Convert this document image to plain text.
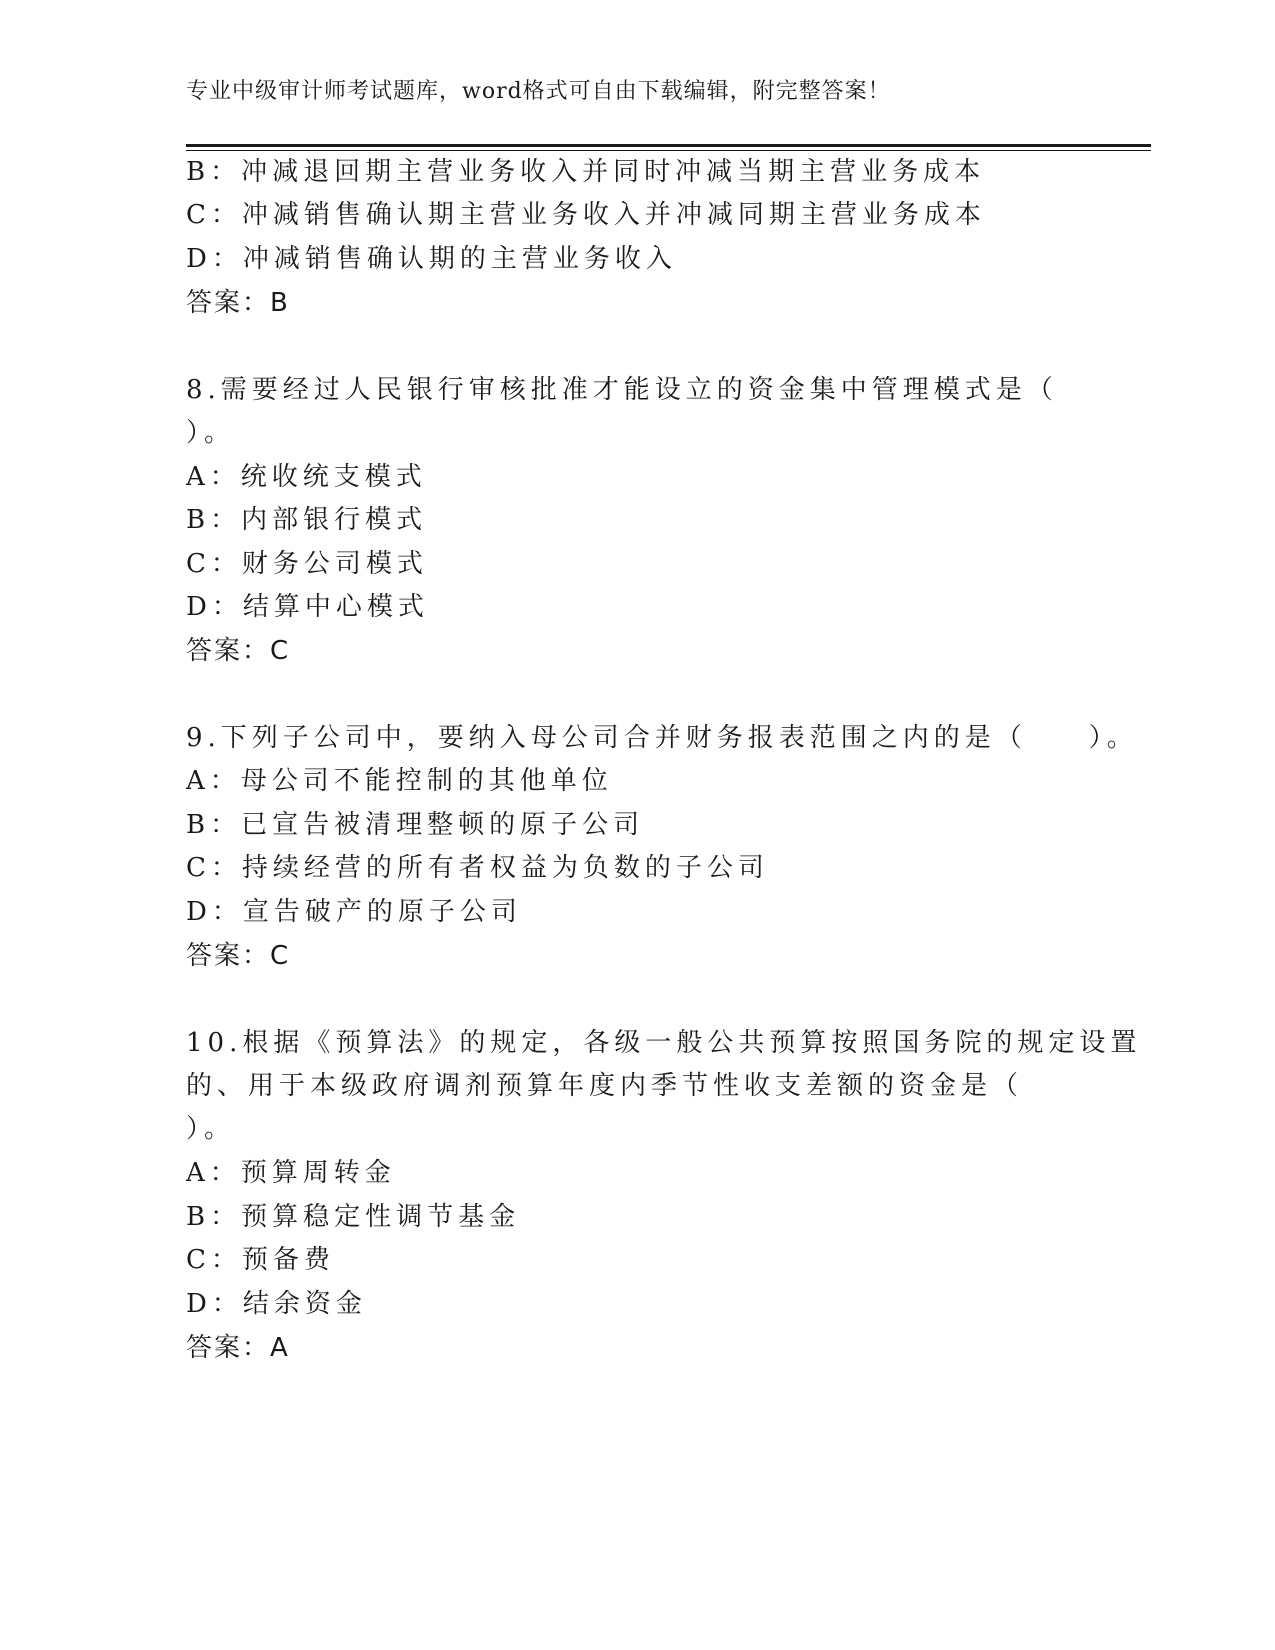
专业中级审计师考试题库，word格式可自由下载编辑，附完整答案！
B：冲减退回期主营业务收入并同时冲减当期主营业务成本
C：冲减销售确认期主营业务收入并冲减同期主营业务成本
D：冲减销售确认期的主营业务收入
答案：B
8.需要经过人民银行审核批准才能设立的资金集中管理模式是（
）。
A：统收统支模式
B：内部银行模式
C：财务公司模式
D：结算中心模式
答案：C
9.下列子公司中，要纳入母公司合并财务报表范围之内的是（　　）。
A：母公司不能控制的其他单位
B：已宣告被清理整顿的原子公司
C：持续经营的所有者权益为负数的子公司
D：宣告破产的原子公司
答案：C
10.根据《预算法》的规定，各级一般公共预算按照国务院的规定设置
的、用于本级政府调剂预算年度内季节性收支差额的资金是（
）。
A：预算周转金
B：预算稳定性调节基金
C：预备费
D：结余资金
答案：A
